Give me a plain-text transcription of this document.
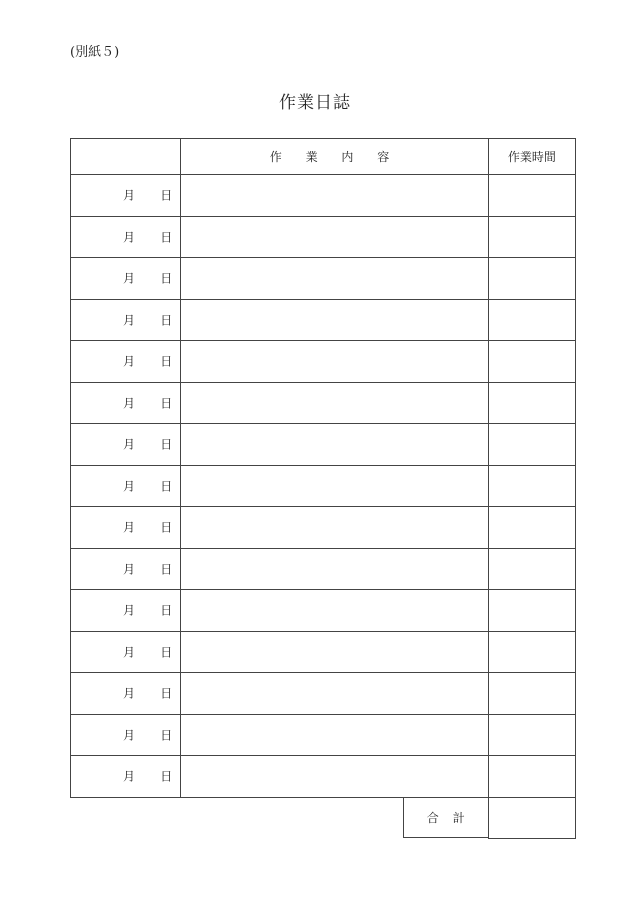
(別紙５)
作業日誌
	作 業 内 容	作業時間

月 日		

月 日		

月 日		

月 日		

月 日		

月 日		

月 日		

月 日		

月 日		

月 日		

月 日		

月 日		

月 日		

月 日		

月 日		

合計	
